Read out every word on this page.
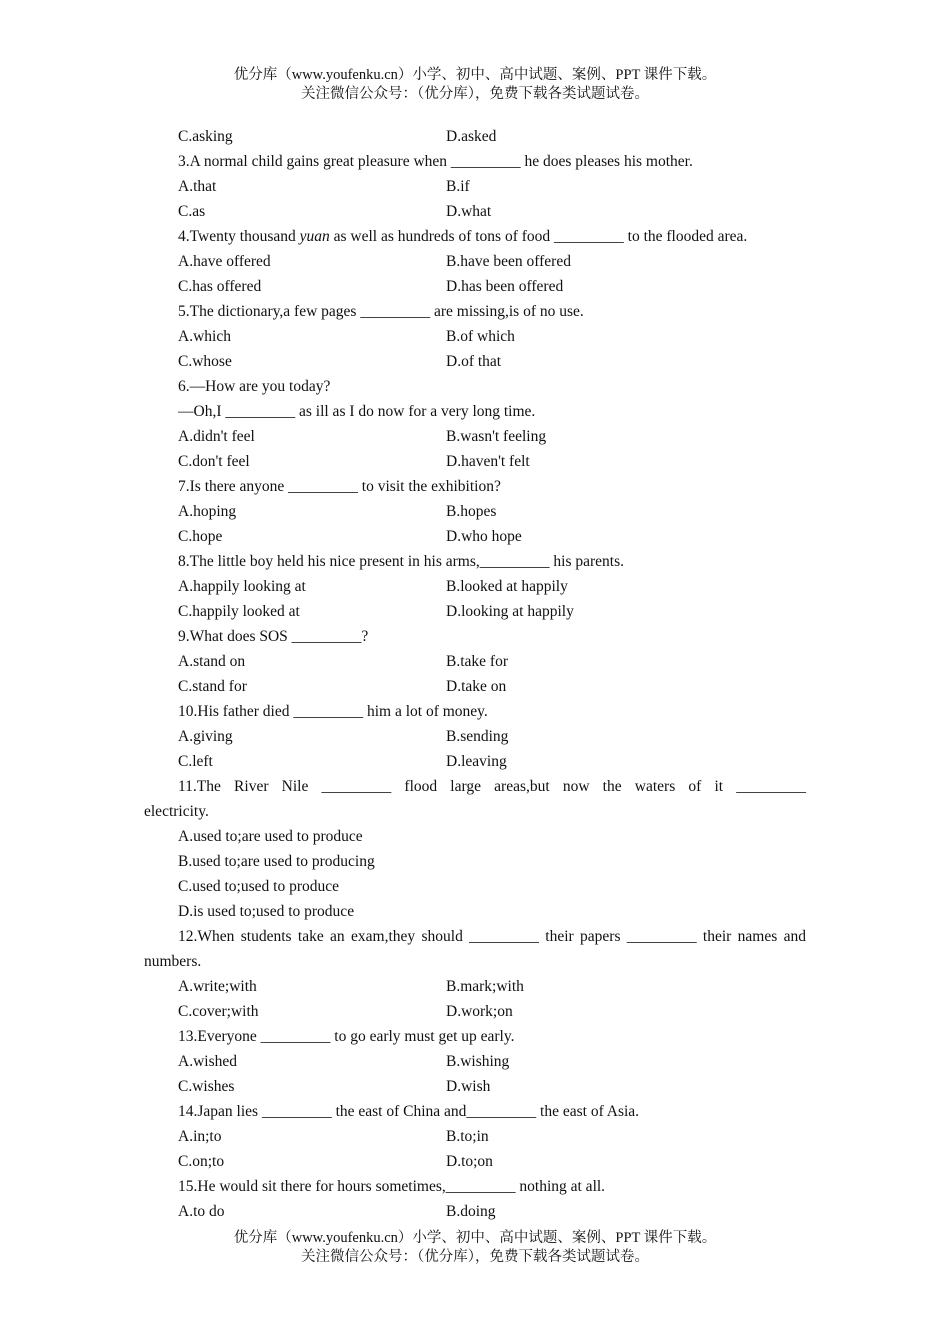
优分库（www.youfenku.cn）小学、初中、高中试题、案例、PPT 课件下载。
关注微信公众号：（优分库），免费下载各类试题试卷。
C.asking	D.asked
3.A normal child gains great pleasure when _________ he does pleases his mother.
A.that	B.if
C.as	D.what
4.Twenty thousand yuan as well as hundreds of tons of food _________ to the flooded area.
A.have offered	B.have been offered
C.has offered	D.has been offered
5.The dictionary,a few pages _________ are missing,is of no use.
A.which	B.of which
C.whose	D.of that
6.—How are you today?
—Oh,I _________ as ill as I do now for a very long time.
A.didn't feel	B.wasn't feeling
C.don't feel	D.haven't felt
7.Is there anyone _________ to visit the exhibition?
A.hoping	B.hopes
C.hope	D.who hope
8.The little boy held his nice present in his arms,_________ his parents.
A.happily looking at	B.looked at happily
C.happily looked at	D.looking at happily
9.What does SOS _________?
A.stand on	B.take for
C.stand for	D.take on
10.His father died _________ him a lot of money.
A.giving	B.sending
C.left	D.leaving
11.The River Nile _________ flood large areas,but now the waters of it _________ electricity.
A.used to;are used to produce
B.used to;are used to producing
C.used to;used to produce
D.is used to;used to produce
12.When students take an exam,they should _________ their papers _________ their names and numbers.
A.write;with	B.mark;with
C.cover;with	D.work;on
13.Everyone _________ to go early must get up early.
A.wished	B.wishing
C.wishes	D.wish
14.Japan lies _________ the east of China and_________ the east of Asia.
A.in;to	B.to;in
C.on;to	D.to;on
15.He would sit there for hours sometimes,_________ nothing at all.
A.to do	B.doing
优分库（www.youfenku.cn）小学、初中、高中试题、案例、PPT 课件下载。
关注微信公众号：（优分库），免费下载各类试题试卷。
